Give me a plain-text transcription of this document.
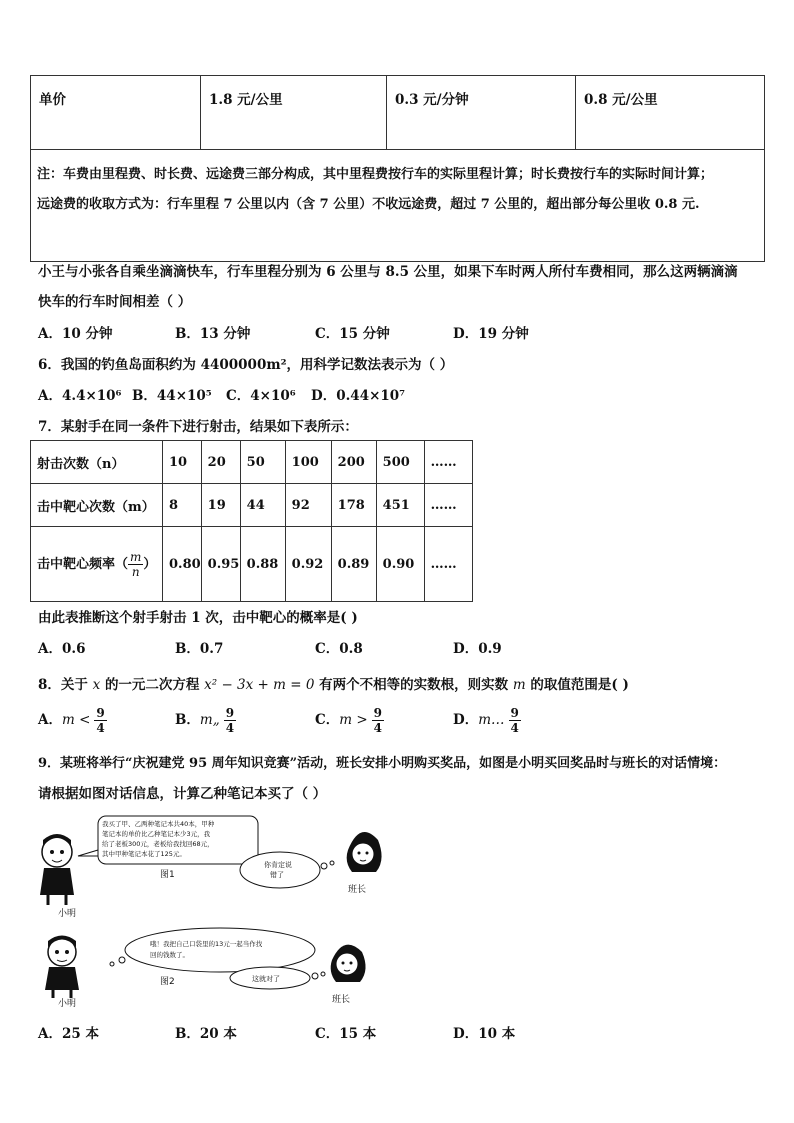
单价	1.8 元/公里	0.3 元/分钟	0.8 元/公里

注：车费由里程费、时长费、远途费三部分构成，其中里程费按行车的实际里程计算；时长费按行车的实际时间计算；
远途费的收取方式为：行车里程 7 公里以内（含 7 公里）不收远途费，超过 7 公里的，超出部分每公里收 0.8 元.
小王与小张各自乘坐滴滴快车，行车里程分别为 6 公里与 8.5 公里，如果下车时两人所付车费相同，那么这两辆滴滴
快车的行车时间相差（ ）
A．10 分钟	B．13 分钟	C．15 分钟	D．19 分钟
6．我国的钓鱼岛面积约为 4400000m²，用科学记数法表示为（ ）
A．4.4×10⁶ B．44×10⁵ C．4×10⁶ D．0.44×10⁷
7．某射手在同一条件下进行射击，结果如下表所示：
射击次数（n）	10	20	50	100	200	500	……
击中靶心次数（m）	8	19	44	92	178	451	……
击中靶心频率（ $\frac{m}{n}$ ）	0.80	0.95	0.88	0.92	0.89	0.90	……
由此表推断这个射手射击 1 次，击中靶心的概率是( )
A．0.6	B．0.7	C．0.8	D．0.9
8．关于 x 的一元二次方程 x² − 3x + m = 0 有两个不相等的实数根，则实数 m 的取值范围是( )
A．$m < \frac{9}{4}$	B．m„ $\frac{9}{4}$	C．$m > \frac{9}{4}$	D．m… $\frac{9}{4}$
9．某班将举行“庆祝建党 95 周年知识竞赛”活动，班长安排小明购买奖品，如图是小明买回奖品时与班长的对话情境：
请根据如图对话信息，计算乙种笔记本买了（ ）
我买了甲、乙两种笔记本共40本，甲种 笔记本的单价比乙种笔记本少3元，我 给了老板300元，老板给我找回68元， 其中甲种笔记本花了125元。
图1
你肯定说 错了
班长
小明
哦！我把自己口袋里的13元一起当作找 回的钱数了。
图2	这就对了
班长
小明
A．25 本	B．20 本	C．15 本	D．10 本
